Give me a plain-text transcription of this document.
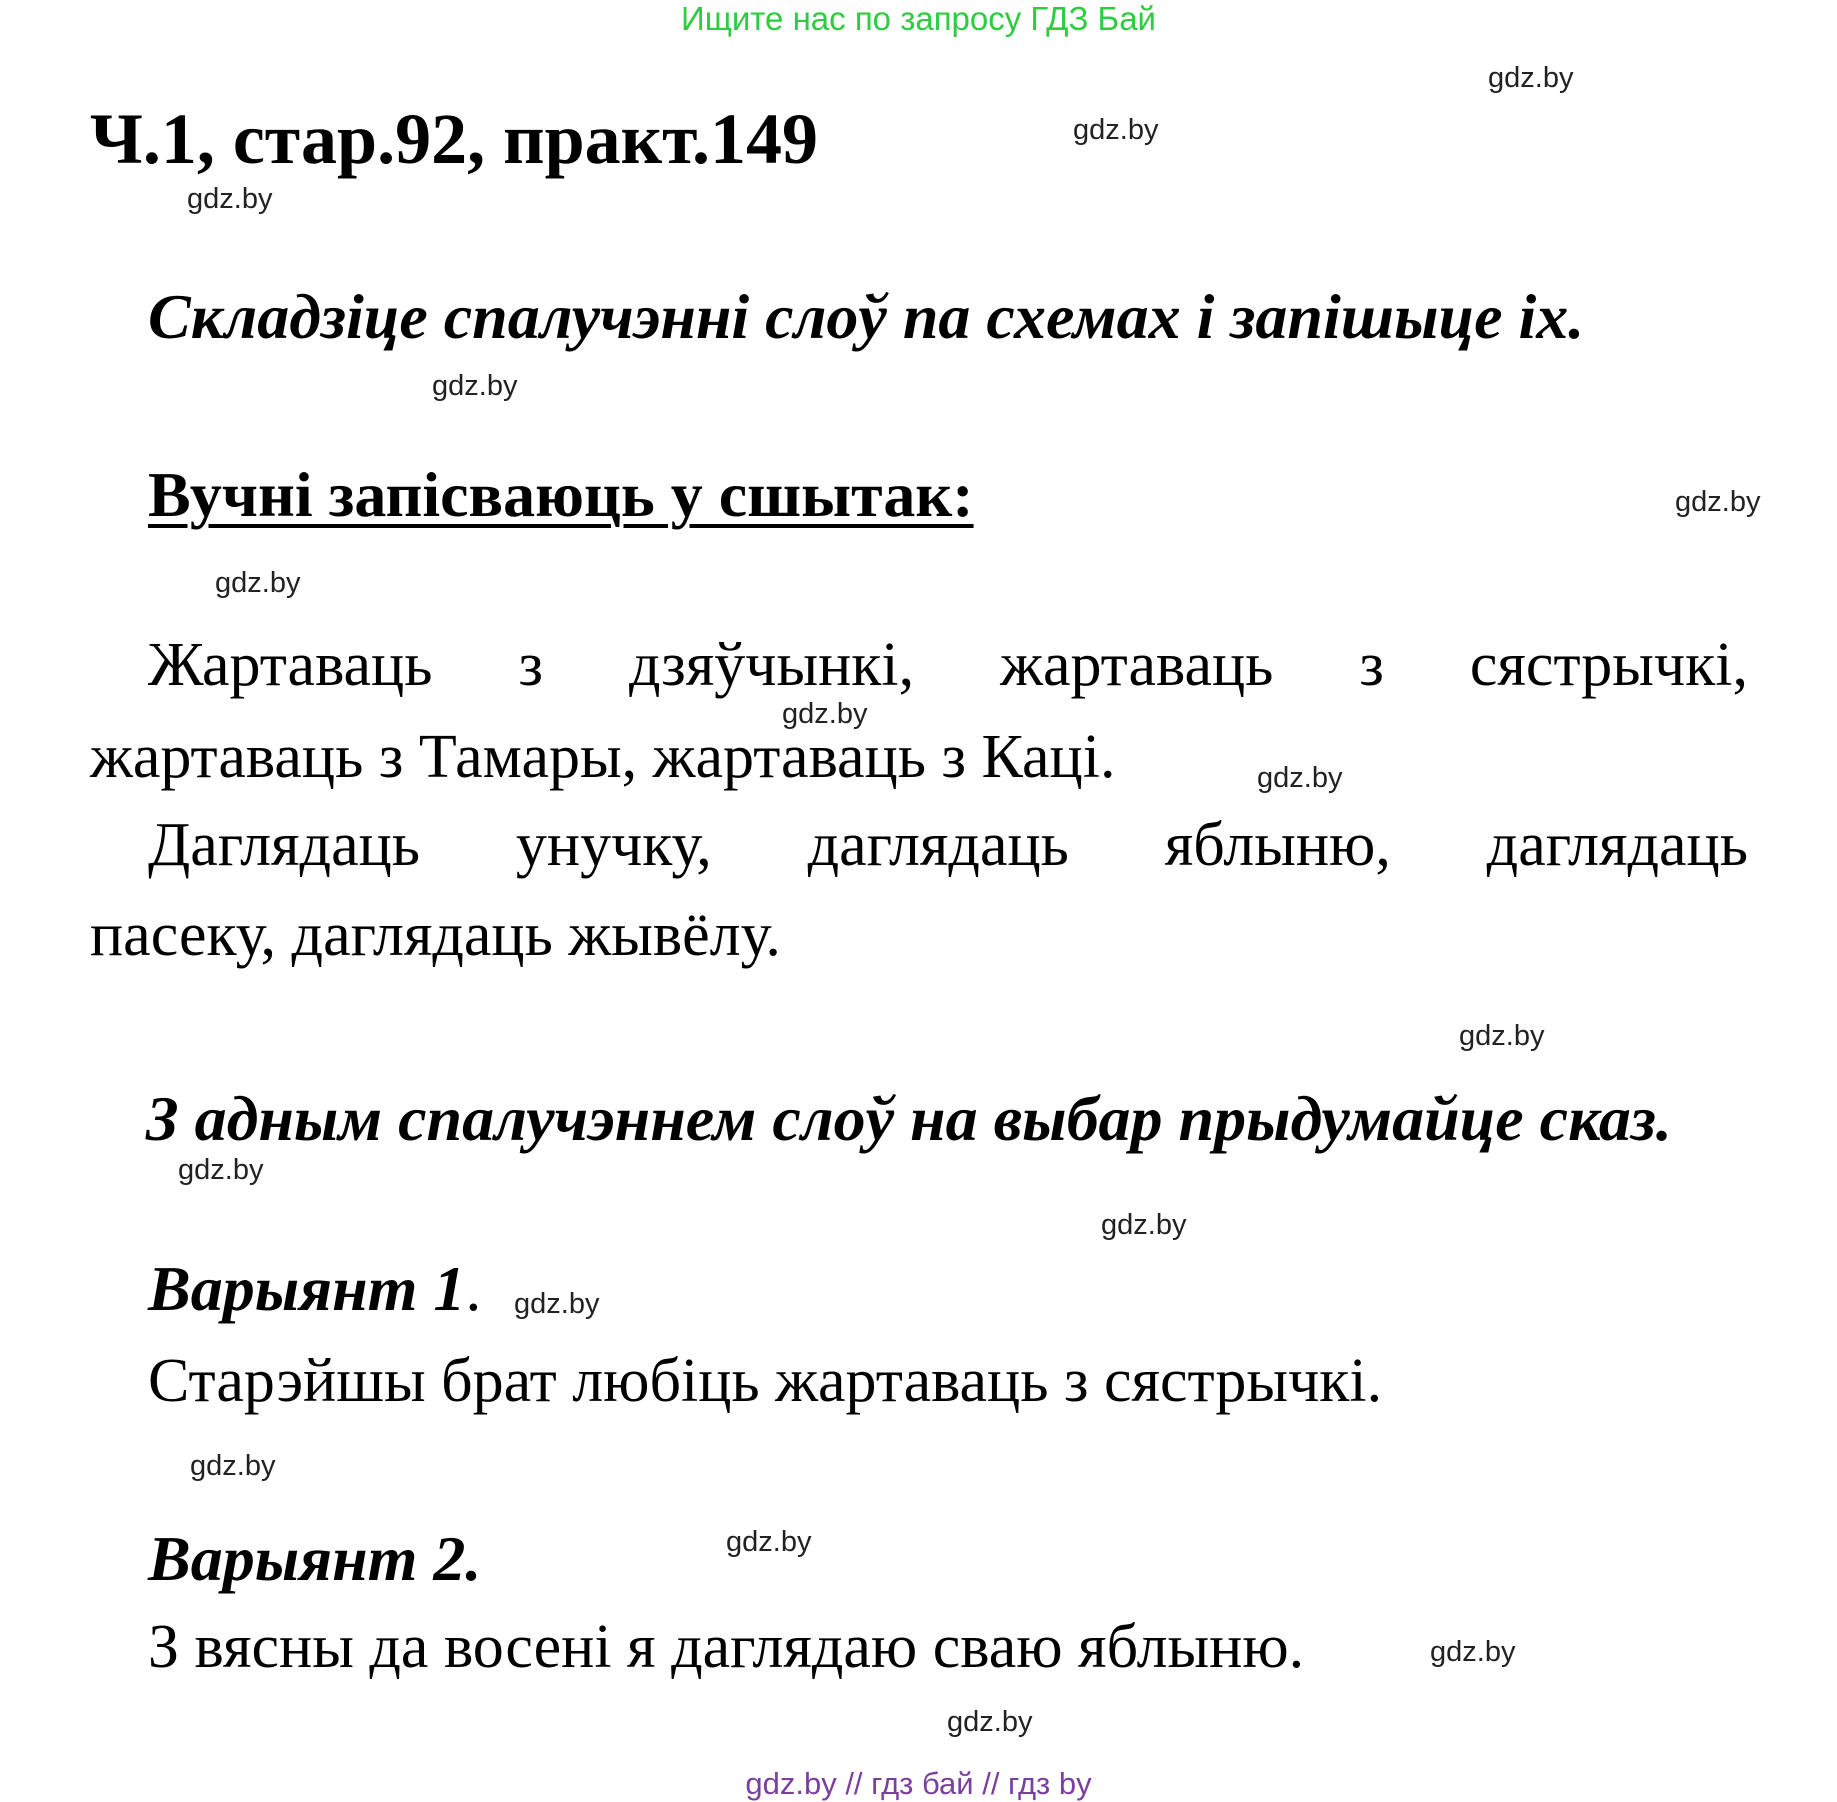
Ищите нас по запросу ГДЗ Бай
gdz.by
Ч.1, стар.92, практ.149	gdz.by
gdz.by
Складзіце спалучэнні слоў па схемах і запішыце іх.
gdz.by
Вучні запісваюць у сшытак:	gdz.by
gdz.by
Жартаваць з дзяўчынкі, жартаваць з сястрычкі,
gdz.by
жартаваць з Тамары, жартаваць з Каці.	gdz.by
Даглядаць унучку, даглядаць яблыню, даглядаць
пасеку, даглядаць жывёлу.
gdz.by
З адным спалучэннем слоў на выбар прыдумайце сказ.
gdz.by
gdz.by
Варыянт 1. gdz.by
Старэйшы брат любіць жартаваць з сястрычкі.
gdz.by
Варыянт 2.	gdz.by
З вясны да восені я даглядаю сваю яблыню.	gdz.by
gdz.by
gdz.by // гдз бай // гдз by
